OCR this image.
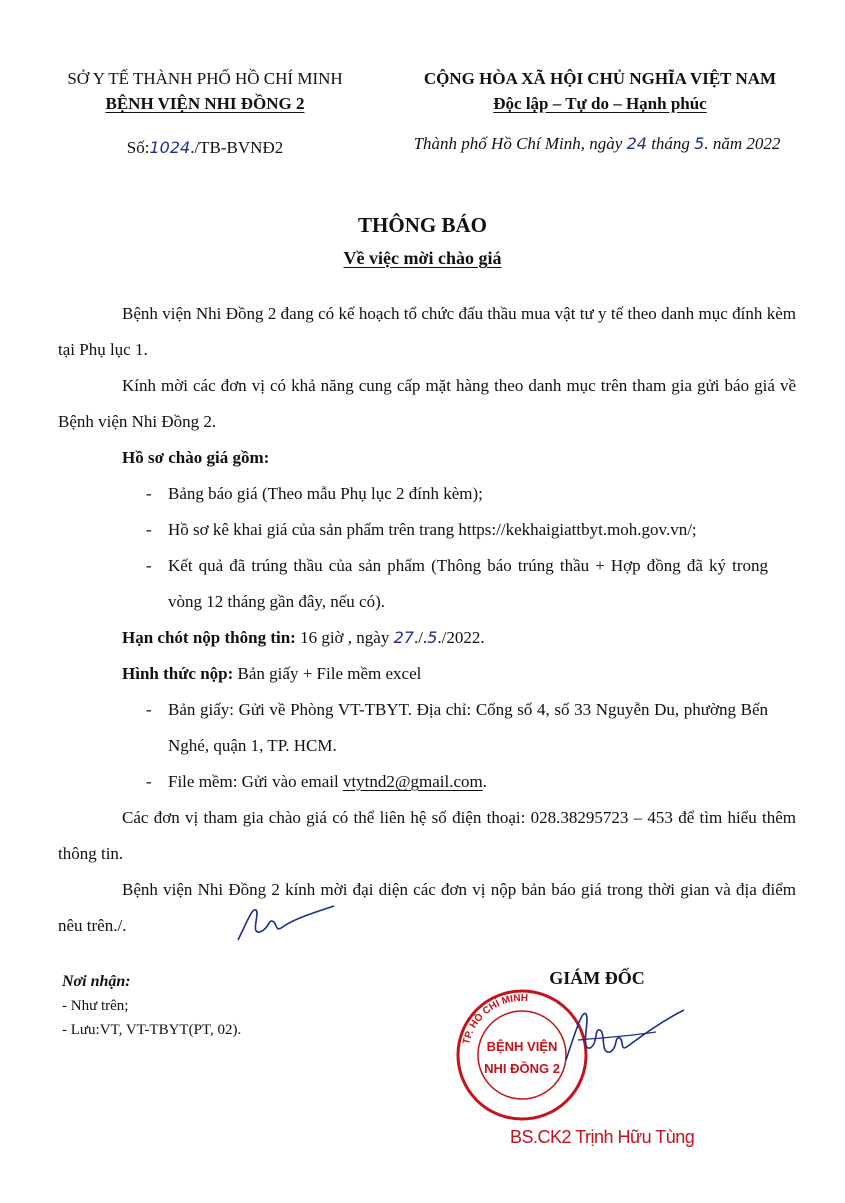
SỞ Y TẾ THÀNH PHỐ HỒ CHÍ MINH
BỆNH VIỆN NHI ĐỒNG 2
CỘNG HÒA XÃ HỘI CHỦ NGHĨA VIỆT NAM
Độc lập – Tự do – Hạnh phúc
Số:1024./TB-BVNĐ2	Thành phố Hồ Chí Minh, ngày 24 tháng 5. năm 2022
THÔNG BÁO
Về việc mời chào giá
Bệnh viện Nhi Đồng 2 đang có kế hoạch tổ chức đấu thầu mua vật tư y tế theo danh mục đính kèm tại Phụ lục 1.
Kính mời các đơn vị có khả năng cung cấp mặt hàng theo danh mục trên tham gia gửi báo giá về Bệnh viện Nhi Đồng 2.
Hồ sơ chào giá gồm:
- Bảng báo giá (Theo mẫu Phụ lục 2 đính kèm);
- Hồ sơ kê khai giá của sản phẩm trên trang https://kekhaigiattbyt.moh.gov.vn/;
- Kết quả đã trúng thầu của sản phẩm (Thông báo trúng thầu + Hợp đồng đã ký trong vòng 12 tháng gần đây, nếu có).
Hạn chót nộp thông tin: 16 giờ , ngày 27./.5./2022.
Hình thức nộp: Bản giấy + File mềm excel
- Bản giấy: Gửi về Phòng VT-TBYT. Địa chỉ: Cổng số 4, số 33 Nguyễn Du, phường Bến Nghé, quận 1, TP. HCM.
- File mềm: Gửi vào email vtytnd2@gmail.com.
Các đơn vị tham gia chào giá có thể liên hệ số điện thoại: 028.38295723 – 453 để tìm hiểu thêm thông tin.
Bệnh viện Nhi Đồng 2 kính mời đại diện các đơn vị nộp bản báo giá trong thời gian và địa điểm nêu trên./.
Nơi nhận:
- Như trên;
- Lưu:VT, VT-TBYT(PT, 02).
GIÁM ĐỐC
TP. HỒ CHÍ MINH
BỆNH VIỆN
NHI ĐỒNG 2
BS.CK2 Trịnh Hữu Tùng
